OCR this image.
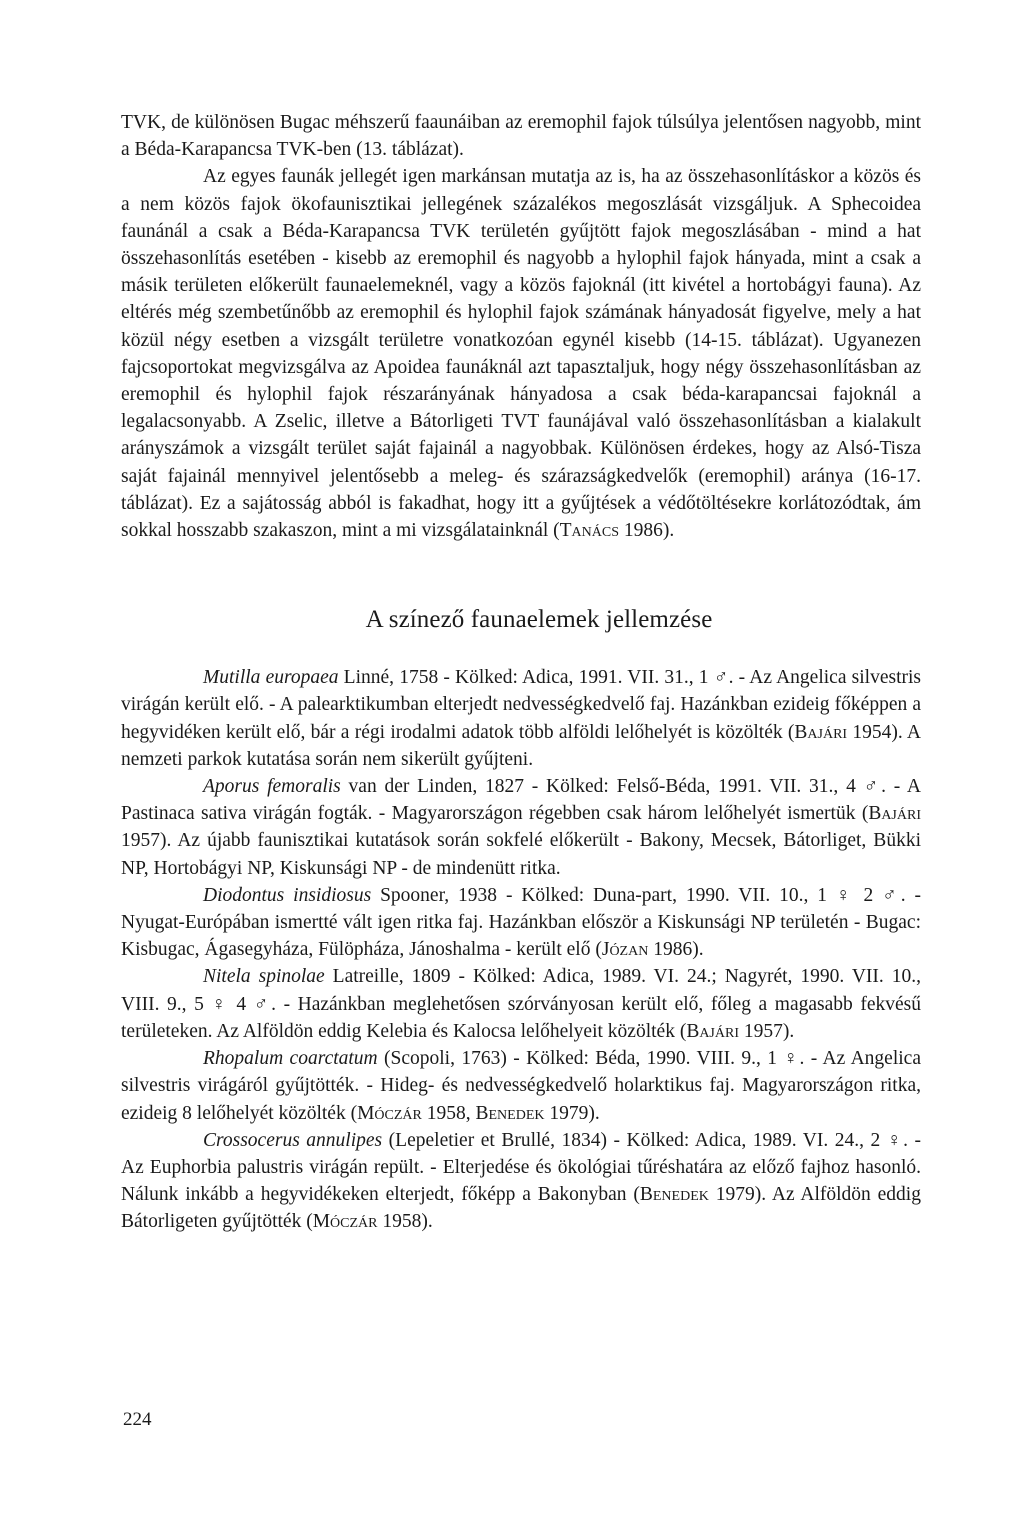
TVK, de különösen Bugac méhszerű faaunáiban az eremophil fajok túlsúlya jelentősen nagyobb, mint a Béda-Karapancsa TVK-ben (13. táblázat).

Az egyes faunák jellegét igen markánsan mutatja az is, ha az összehasonlításkor a közös és a nem közös fajok ökofaunisztikai jellegének százalékos megoszlását vizsgáljuk. A Sphecoidea faunánál a csak a Béda-Karapancsa TVK területén gyűjtött fajok megoszlásában - mind a hat összehasonlítás esetében - kisebb az eremophil és nagyobb a hylophil fajok hányada, mint a csak a másik területen előkerült faunaelemeknél, vagy a közös fajoknál (itt kivétel a hortobágyi fauna). Az eltérés még szembetűnőbb az eremophil és hylophil fajok számának hányadosát figyelve, mely a hat közül négy esetben a vizsgált területre vonatkozóan egynél kisebb (14-15. táblázat). Ugyanezen fajcsoportokat megvizsgálva az Apoidea faunáknál azt tapasztaljuk, hogy négy összehasonlításban az eremophil és hylophil fajok részarányának hányadosa a csak béda-karapancsai fajoknál a legalacsonyabb. A Zselic, illetve a Bátorligeti TVT faunájával való összehasonlításban a kialakult arányszámok a vizsgált terület saját fajainál a nagyobbak. Különösen érdekes, hogy az Alsó-Tisza saját fajainál mennyivel jelentősebb a meleg- és szárazságkedvelők (eremophil) aránya (16-17. táblázat). Ez a sajátosság abból is fakadhat, hogy itt a gyűjtések a védőtöltésekre korlátozódtak, ám sokkal hosszabb szakaszon, mint a mi vizsgálatainknál (Tanács 1986).

A színező faunaelemek jellemzése

Mutilla europaea Linné, 1758 - Kölked: Adica, 1991. VII. 31., 1 ♂. - Az Angelica silvestris virágán került elő. - A palearktikumban elterjedt nedvességkedvelő faj. Hazánkban ezideig főképpen a hegyvidéken került elő, bár a régi irodalmi adatok több alföldi lelőhelyét is közölték (Bajári 1954). A nemzeti parkok kutatása során nem sikerült gyűjteni.

Aporus femoralis van der Linden, 1827 - Kölked: Felső-Béda, 1991. VII. 31., 4 ♂. - A Pastinaca sativa virágán fogták. - Magyarországon régebben csak három lelőhelyét ismertük (Bajári 1957). Az újabb faunisztikai kutatások során sokfelé előkerült - Bakony, Mecsek, Bátorliget, Bükki NP, Hortobágyi NP, Kiskunsági NP - de mindenütt ritka.

Diodontus insidiosus Spooner, 1938 - Kölked: Duna-part, 1990. VII. 10., 1 ♀ 2 ♂. - Nyugat-Európában ismertté vált igen ritka faj. Hazánkban először a Kiskunsági NP területén - Bugac: Kisbugac, Ágasegyháza, Fülöpháza, Jánoshalma - került elő (Józan 1986).

Nitela spinolae Latreille, 1809 - Kölked: Adica, 1989. VI. 24.; Nagyrét, 1990. VII. 10., VIII. 9., 5 ♀ 4 ♂. - Hazánkban meglehetősen szórványosan került elő, főleg a magasabb fekvésű területeken. Az Alföldön eddig Kelebia és Kalocsa lelőhelyeit közölték (Bajári 1957).

Rhopalum coarctatum (Scopoli, 1763) - Kölked: Béda, 1990. VIII. 9., 1 ♀. - Az Angelica silvestris virágáról gyűjtötték. - Hideg- és nedvességkedvelő holarktikus faj. Magyarországon ritka, ezideig 8 lelőhelyét közölték (Móczár 1958, Benedek 1979).

Crossocerus annulipes (Lepeletier et Brullé, 1834) - Kölked: Adica, 1989. VI. 24., 2 ♀. - Az Euphorbia palustris virágán repült. - Elterjedése és ökológiai tűréshatára az előző fajhoz hasonló. Nálunk inkább a hegyvidékeken elterjedt, főképp a Bakonyban (Benedek 1979). Az Alföldön eddig Bátorligeten gyűjtötték (Móczár 1958).

224
